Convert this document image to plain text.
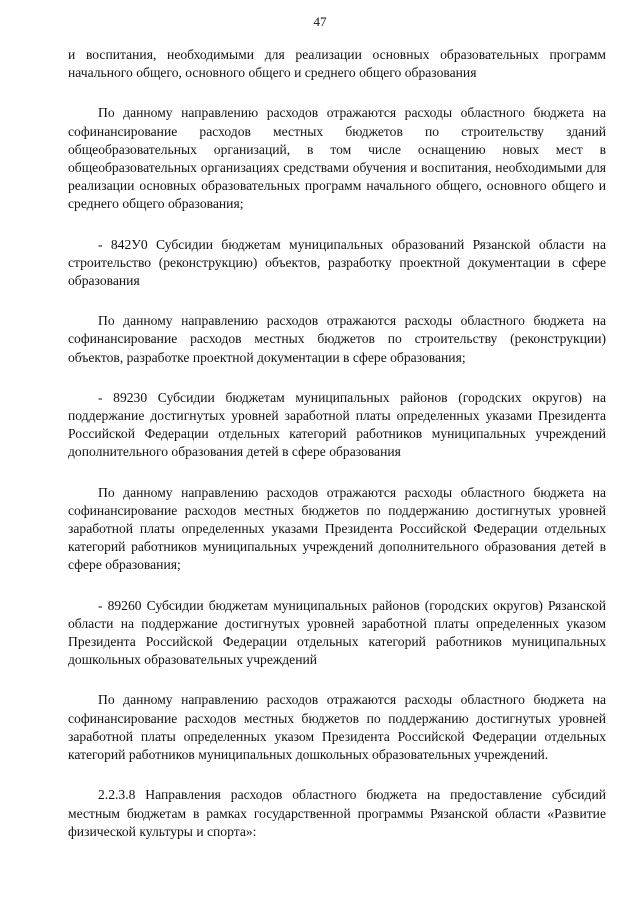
47

и воспитания, необходимыми для реализации основных образовательных программ начального общего, основного общего и среднего общего образования

По данному направлению расходов отражаются расходы областного бюджета на софинансирование расходов местных бюджетов по строительству зданий общеобразовательных организаций, в том числе оснащению новых мест в общеобразовательных организациях средствами обучения и воспитания, необходимыми для реализации основных образовательных программ начального общего, основного общего и среднего общего образования;

- 842У0 Субсидии бюджетам муниципальных образований Рязанской области на строительство (реконструкцию) объектов, разработку проектной документации в сфере образования

По данному направлению расходов отражаются расходы областного бюджета на софинансирование расходов местных бюджетов по строительству (реконструкции) объектов, разработке проектной документации в сфере образования;

- 89230 Субсидии бюджетам муниципальных районов (городских округов) на поддержание достигнутых уровней заработной платы определенных указами Президента Российской Федерации отдельных категорий работников муниципальных учреждений дополнительного образования детей в сфере образования

По данному направлению расходов отражаются расходы областного бюджета на софинансирование расходов местных бюджетов по поддержанию достигнутых уровней заработной платы определенных указами Президента Российской Федерации отдельных категорий работников муниципальных учреждений дополнительного образования детей в сфере образования;

- 89260 Субсидии бюджетам муниципальных районов (городских округов) Рязанской области на поддержание достигнутых уровней заработной платы определенных указом Президента Российской Федерации отдельных категорий работников муниципальных дошкольных образовательных учреждений

По данному направлению расходов отражаются расходы областного бюджета на софинансирование расходов местных бюджетов по поддержанию достигнутых уровней заработной платы определенных указом Президента Российской Федерации отдельных категорий работников муниципальных дошкольных образовательных учреждений.

2.2.3.8 Направления расходов областного бюджета на предоставление субсидий местным бюджетам в рамках государственной программы Рязанской области «Развитие физической культуры и спорта»:
